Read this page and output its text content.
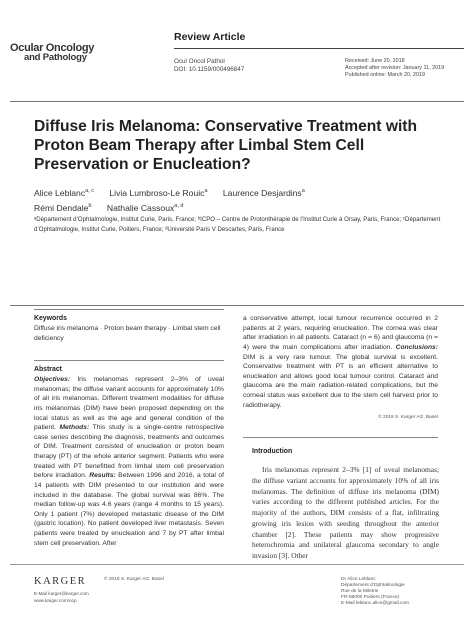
Ocular Oncology
and Pathology
Review Article
Ocul Oncol Pathol
DOI: 10.1159/000496847
Received: June 20, 2018
Accepted after revision: January 11, 2019
Published online: March 20, 2019
Diffuse Iris Melanoma: Conservative Treatment with Proton Beam Therapy after Limbal Stem Cell Preservation or Enucleation?
Alice Leblanc$^{a, c}$ Livia Lumbroso-Le Rouic$^a$ Laurence Desjardins$^a$
Rémi Dendale$^b$ Nathalie Cassoux$^{a, d}$
ᵃDépartement d’Ophtalmologie, Institut Curie, Paris, France; ᵇICPO – Centre de Protonthérapie de l’Institut Curie à Orsay, Paris, France; ᶜDépartement d’Ophtalmologie, Institut Curie, Poitiers, France; ᵈUniversité Paris V Descartes, Paris, France
Keywords
Diffuse iris melanoma · Proton beam therapy · Limbal stem cell deficiency
Abstract
Objectives: Iris melanomas represent 2–3% of uveal melanomas; the diffuse variant accounts for approximately 10% of all iris melanomas. Different treatment modalities for diffuse iris melanomas (DIM) have been proposed depending on the local status as well as the age and general condition of the patient. Methods: This study is a single-centre retrospective case series describing the diagnosis, treatments and outcomes of DIM. Treatment consisted of enucleation or proton beam therapy (PT) of the whole anterior segment. Patients who were treated with PT benefitted from limbal stem cell preservation before irradiation. Results: Between 1996 and 2016, a total of 14 patients with DIM presented to our institution and were included in the database. The global survival was 86%. The median follow-up was 4.6 years (range 4 months to 15 years). Only 1 patient (7%) developed metastatic disease of the DIM (gastric location). No patient developed liver metastasis. Seven patients were treated by enucleation and 7 by PT after limbal stem cell preservation. After
a conservative attempt, local tumour recurrence occurred in 2 patients at 2 years, requiring enucleation. The cornea was clear after irradiation in all patients. Cataract (n = 6) and glaucoma (n = 4) were the main complications after irradiation. Conclusions: DIM is a very rare tumour. The global survival is excellent. Conservative treatment with PT is an efficient alternative to enucleation and allows good local tumour control. Cataract and glaucoma are the main radiation-related complications, but the corneal status was excellent due to the stem cell harvest prior to radiotherapy.
© 2019 S. Karger AG, Basel
Introduction
Iris melanomas represent 2–3% [1] of uveal melanomas; the diffuse variant accounts for approximately 10% of all iris melanomas. The definition of diffuse iris melanoma (DIM) varies according to the different published articles. For the majority of the authors, DIM consists of a flat, infiltrating growing iris lesion with seeding throughout the anterior chamber [2]. These patients may show progressive heterochromia and unilateral glaucoma secondary to angle invasion [3]. Other
KARGER
E-Mail karger@karger.com
www.karger.com/oop
© 2019 S. Karger AG, Basel	Dr Alice Leblanc
Département d’Ophtalmologie
Rue de la Miletrie
FR-86000 Poitiers (France)
E-Mail leblanc.alice@gmail.com
